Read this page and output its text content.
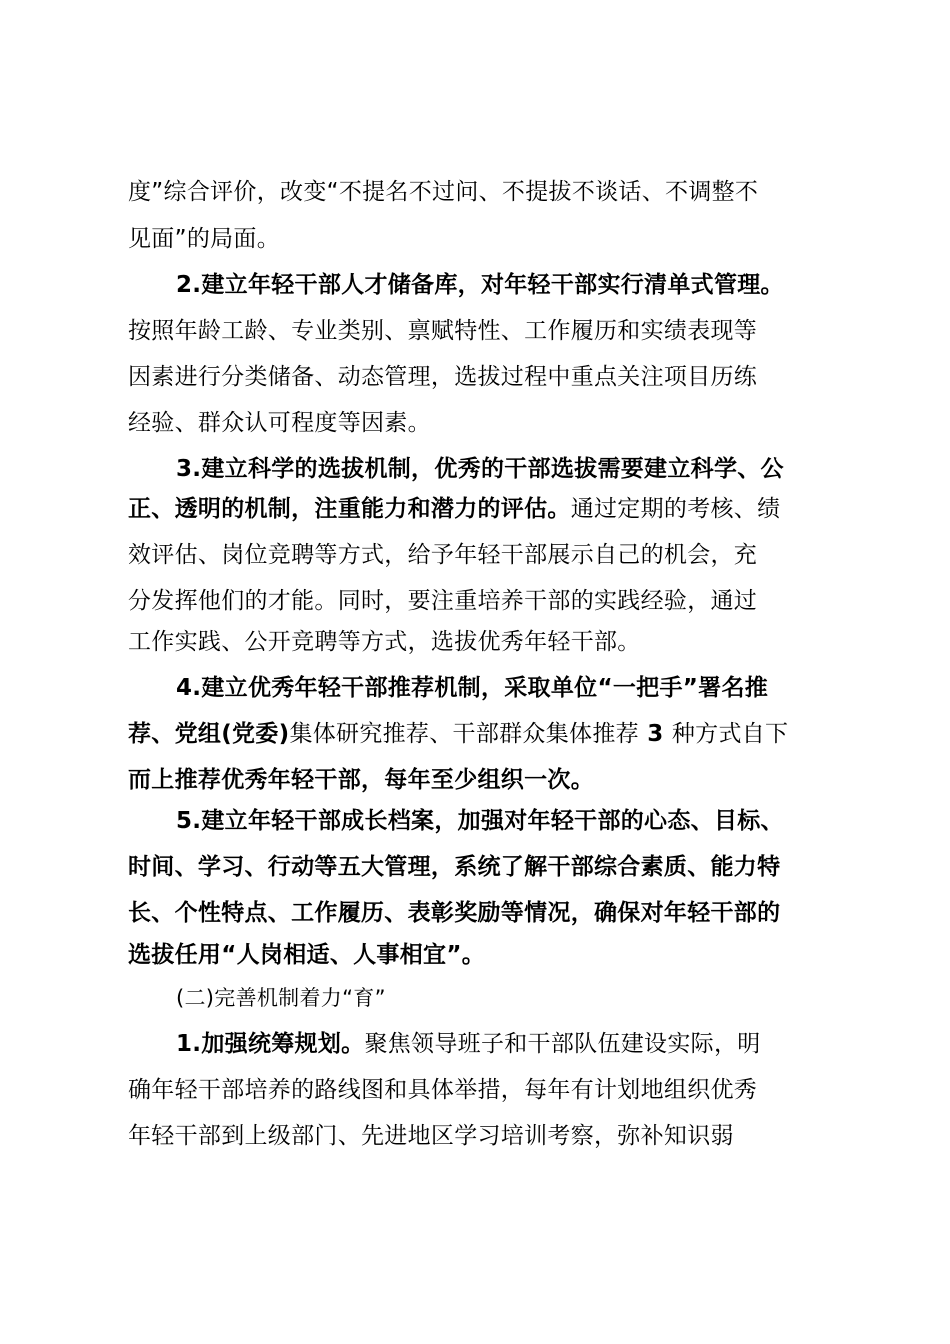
度”综合评价，改变“不提名不过问、不提拔不谈话、不调整不
见面”的局面。
2.建立年轻干部人才储备库，对年轻干部实行清单式管理。
按照年龄工龄、专业类别、禀赋特性、工作履历和实绩表现等
因素进行分类储备、动态管理，选拔过程中重点关注项目历练
经验、群众认可程度等因素。
3.建立科学的选拔机制，优秀的干部选拔需要建立科学、公
正、透明的机制，注重能力和潜力的评估。通过定期的考核、绩
效评估、岗位竞聘等方式，给予年轻干部展示自己的机会，充
分发挥他们的才能。同时，要注重培养干部的实践经验，通过
工作实践、公开竞聘等方式，选拔优秀年轻干部。
4.建立优秀年轻干部推荐机制，采取单位“一把手”署名推
荐、党组(党委)集体研究推荐、干部群众集体推荐 3 种方式自下
而上推荐优秀年轻干部，每年至少组织一次。
5.建立年轻干部成长档案，加强对年轻干部的心态、目标、
时间、学习、行动等五大管理，系统了解干部综合素质、能力特
长、个性特点、工作履历、表彰奖励等情况，确保对年轻干部的
选拔任用“人岗相适、人事相宜”。
(二)完善机制着力“育”
1.加强统筹规划。聚焦领导班子和干部队伍建设实际，明
确年轻干部培养的路线图和具体举措，每年有计划地组织优秀
年轻干部到上级部门、先进地区学习培训考察，弥补知识弱
